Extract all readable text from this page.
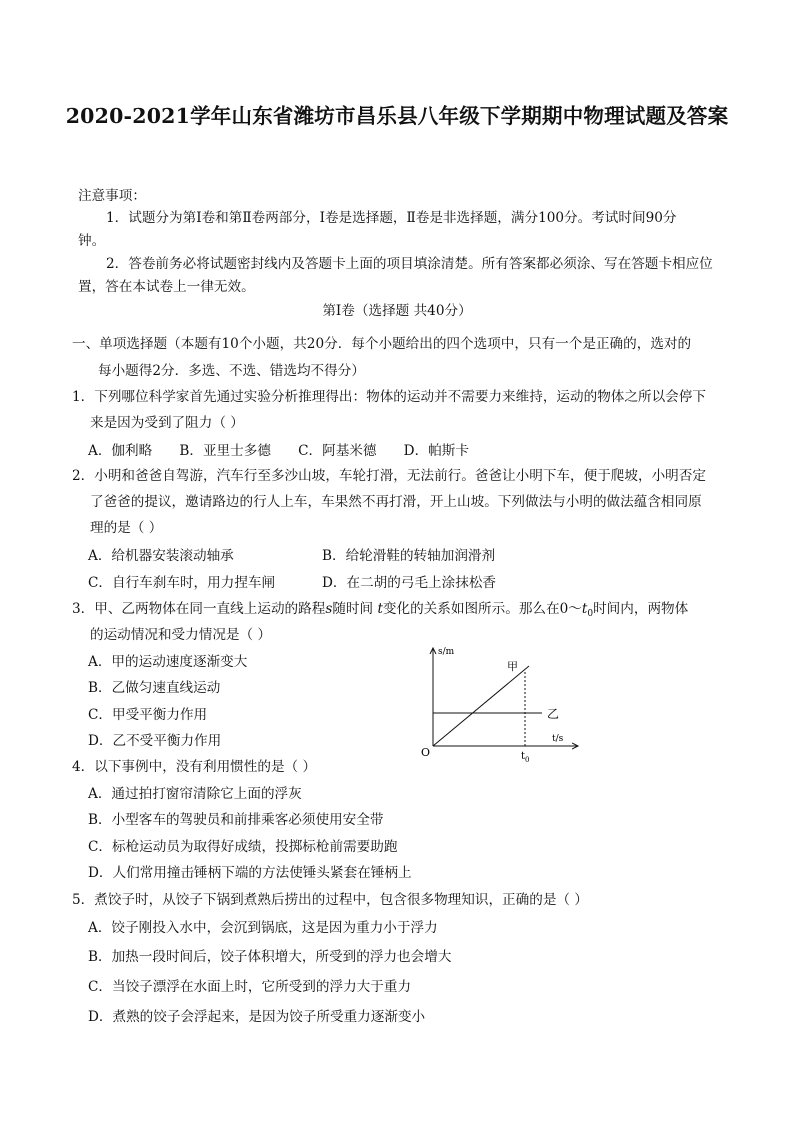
2020-2021学年山东省潍坊市昌乐县八年级下学期期中物理试题及答案
注意事项：
1．试题分为第Ⅰ卷和第Ⅱ卷两部分，Ⅰ卷是选择题，Ⅱ卷是非选择题，满分100分。考试时间90分
钟。
2．答卷前务必将试题密封线内及答题卡上面的项目填涂清楚。所有答案都必须涂、写在答题卡相应位
置，答在本试卷上一律无效。
第Ⅰ卷（选择题 共40分）
一、单项选择题（本题有10个小题，共20分．每个小题给出的四个选项中，只有一个是正确的，选对的
每小题得2分．多选、不选、错选均不得分）
1．下列哪位科学家首先通过实验分析推理得出：物体的运动并不需要力来维持，运动的物体之所以会停下
来是因为受到了阻力（ ）
A．伽利略　　B．亚里士多德　　C．阿基米德　　D．帕斯卡
2．小明和爸爸自驾游，汽车行至多沙山坡，车轮打滑，无法前行。爸爸让小明下车，便于爬坡，小明否定
了爸爸的提议，邀请路边的行人上车，车果然不再打滑，开上山坡。下列做法与小明的做法蕴含相同原
理的是（ ）
A．给机器安装滚动轴承	B．给轮滑鞋的转轴加润滑剂
C．自行车刹车时，用力捏车闸	D．在二胡的弓毛上涂抹松香
3．甲、乙两物体在同一直线上运动的路程s随时间 t变化的关系如图所示。那么在$0\sim t_0$时间内，两物体
的运动情况和受力情况是（ ）
A．甲的运动速度逐渐变大
B．乙做匀速直线运动
C．甲受平衡力作用
D．乙不受平衡力作用
s/m
t/s
O
甲
乙
$t_0$
4．以下事例中，没有利用惯性的是（ ）
A．通过拍打窗帘清除它上面的浮灰
B．小型客车的驾驶员和前排乘客必须使用安全带
C．标枪运动员为取得好成绩，投掷标枪前需要助跑
D．人们常用撞击锤柄下端的方法使锤头紧套在锤柄上
5．煮饺子时，从饺子下锅到煮熟后捞出的过程中，包含很多物理知识，正确的是（ ）
A．饺子刚投入水中，会沉到锅底，这是因为重力小于浮力
B．加热一段时间后，饺子体积增大，所受到的浮力也会增大
C．当饺子漂浮在水面上时，它所受到的浮力大于重力
D．煮熟的饺子会浮起来，是因为饺子所受重力逐渐变小
